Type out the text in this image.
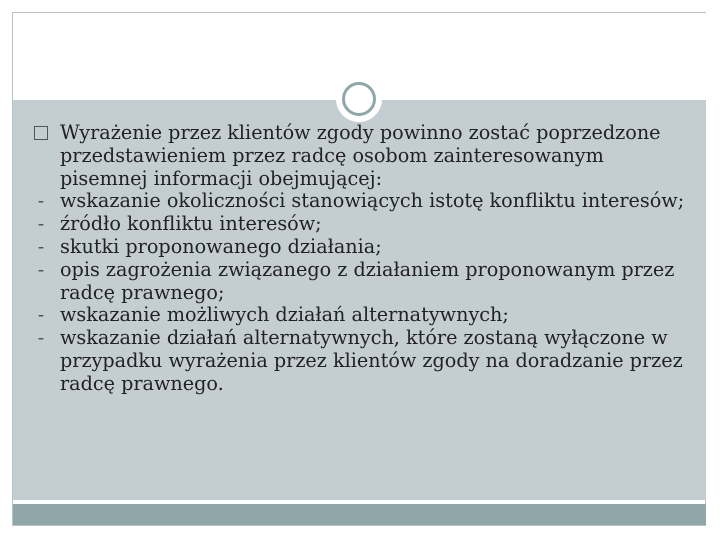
Wyrażenie przez klientów zgody powinno zostać poprzedzone przedstawieniem przez radcę osobom zainteresowanym pisemnej informacji obejmującej:

- wskazanie okoliczności stanowiących istotę konfliktu interesów;

- źródło konfliktu interesów;

- skutki proponowanego działania;

- opis zagrożenia związanego z działaniem proponowanym przez radcę prawnego;

- wskazanie możliwych działań alternatywnych;

- wskazanie działań alternatywnych, które zostaną wyłączone w przypadku wyrażenia przez klientów zgody na doradzanie przez radcę prawnego.
